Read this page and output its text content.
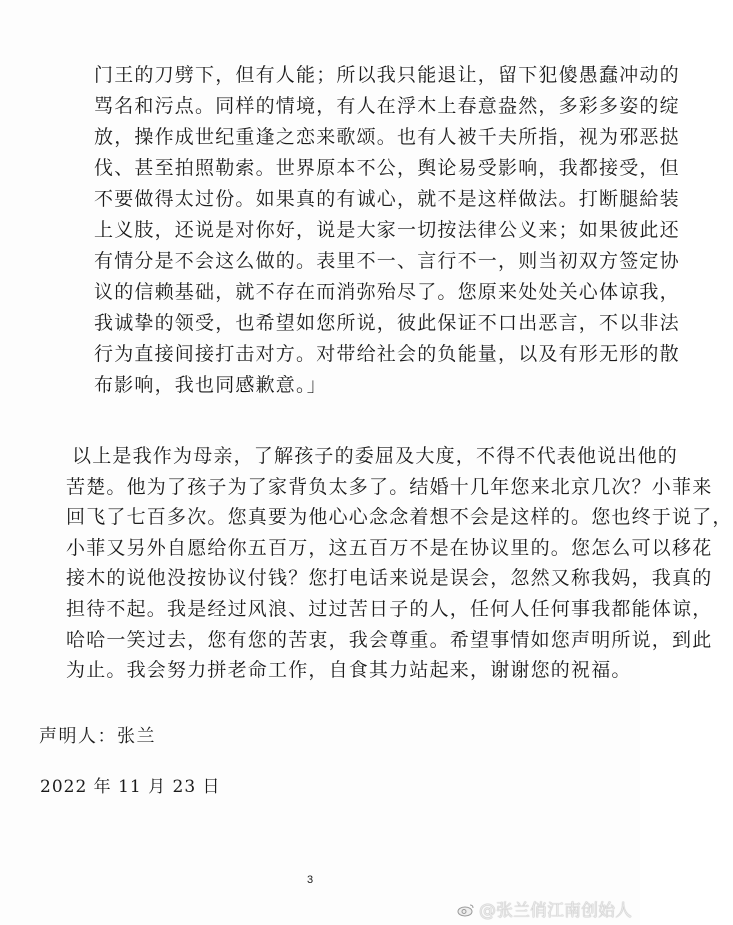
门王的刀劈下，但有人能；所以我只能退让，留下犯傻愚蠢冲动的
骂名和污点。同样的情境，有人在浮木上春意盎然，多彩多姿的绽
放，操作成世纪重逢之恋来歌颂。也有人被千夫所指，视为邪恶挞
伐、甚至拍照勒索。世界原本不公，舆论易受影响，我都接受，但
不要做得太过份。如果真的有诚心，就不是这样做法。打断腿給装
上义肢，还说是对你好，说是大家一切按法律公义来；如果彼此还
有情分是不会这么做的。表里不一、言行不一，则当初双方签定协
议的信赖基础，就不存在而消弥殆尽了。您原来处处关心体谅我，
我诚挚的领受，也希望如您所说，彼此保证不口出恶言，不以非法
行为直接间接打击对方。对带给社会的负能量，以及有形无形的散
布影响，我也同感歉意。」
以上是我作为母亲，了解孩子的委屈及大度，不得不代表他说出他的
苦楚。他为了孩子为了家背负太多了。结婚十几年您来北京几次？小菲来
回飞了七百多次。您真要为他心心念念着想不会是这样的。您也终于说了，
小菲又另外自愿给你五百万，这五百万不是在协议里的。您怎么可以移花
接木的说他没按协议付钱？您打电话来说是误会，忽然又称我妈，我真的
担待不起。我是经过风浪、过过苦日子的人，任何人任何事我都能体谅，
哈哈一笑过去，您有您的苦衷，我会尊重。希望事情如您声明所说，到此
为止。我会努力拼老命工作，自食其力站起来，谢谢您的祝福。
声明人：张兰
2022 年 11 月 23 日
3
@张兰俏江南创始人
